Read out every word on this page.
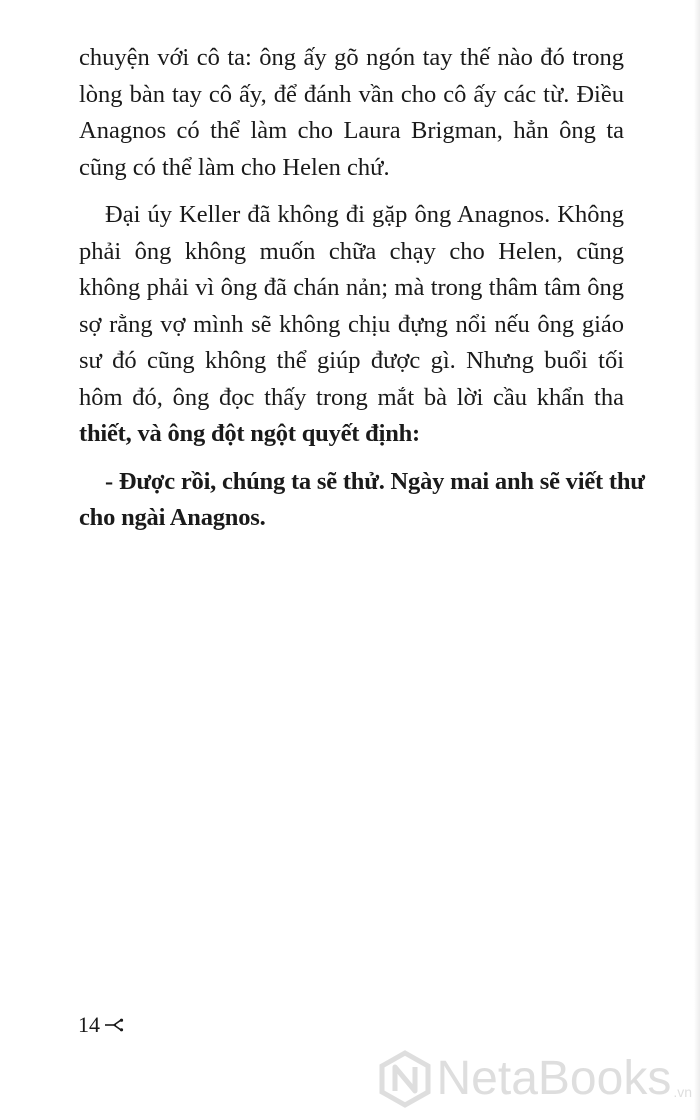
chuyện với cô ta: ông ấy gõ ngón tay thế nào đó trong
lòng bàn tay cô ấy, để đánh vần cho cô ấy các từ. Điều
Anagnos có thể làm cho Laura Brigman, hẳn ông ta
cũng có thể làm cho Helen chứ.
Đại úy Keller đã không đi gặp ông Anagnos. Không
phải ông không muốn chữa chạy cho Helen, cũng
không phải vì ông đã chán nản; mà trong thâm tâm ông
sợ rằng vợ mình sẽ không chịu đựng nổi nếu ông giáo
sư đó cũng không thể giúp được gì. Nhưng buổi tối
hôm đó, ông đọc thấy trong mắt bà lời cầu khẩn tha
thiết, và ông đột ngột quyết định:
- Được rồi, chúng ta sẽ thử. Ngày mai anh sẽ viết thư
cho ngài Anagnos.
14
NetaBooks .vn
